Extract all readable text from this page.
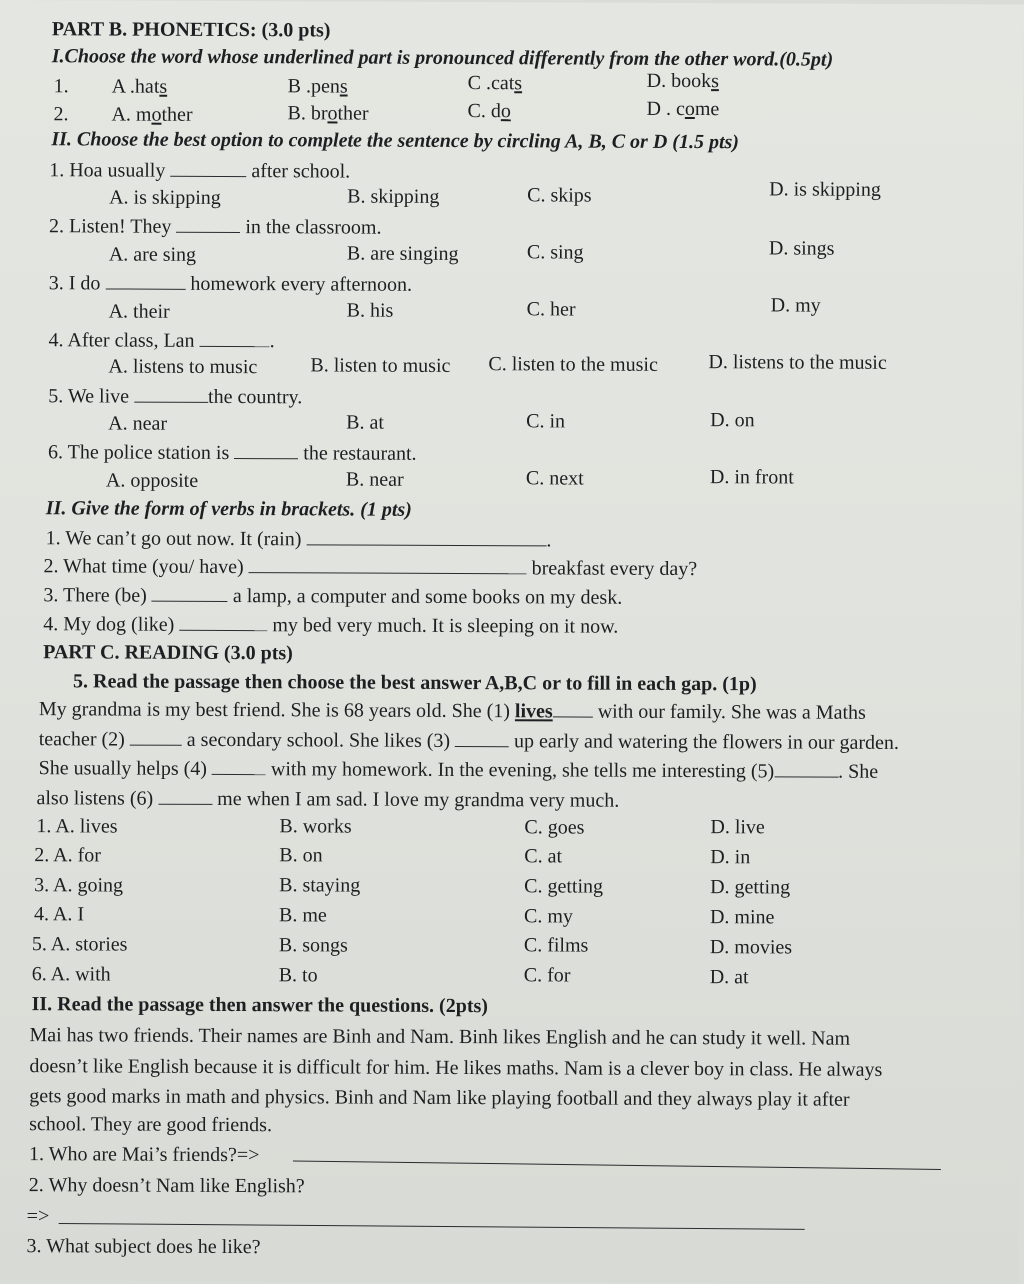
PART B. PHONETICS: (3.0 pts)
I.Choose the word whose underlined part is pronounced differently from the other word.(0.5pt)
1. A .hats	B .pens	C .cats	D. books
2. A. mother	B. brother	C. do	D . come
II. Choose the best option to complete the sentence by circling A, B, C or D (1.5 pts)
1. Hoa usually	after school.
A. is skipping	B. skipping	C. skips	D. is skipping
2. Listen! They	in the classroom.
A. are sing	B. are singing	C. sing	D. sings
3. I do	homework every afternoon.
A. their	B. his	C. her	D. my
4. After class, Lan	.
A. listens to music	B. listen to music C. listen to the music	D. listens to the music
5. We live	the country.
A. near	B. at	C. in	D. on
6. The police station is	the restaurant.
A. opposite	B. near	C. next	D. in front
II. Give the form of verbs in brackets. (1 pts)
1. We can’t go out now. It (rain)	.
2. What time (you/ have)	breakfast every day?
3. There (be)	a lamp, a computer and some books on my desk.
4. My dog (like)	my bed very much. It is sleeping on it now.
PART C. READING (3.0 pts)
5. Read the passage then choose the best answer A,B,C or to fill in each gap. (1p)
My grandma is my best friend. She is 68 years old. She (1) lives with our family. She was a Maths
teacher (2)	a secondary school. She likes (3)	up early and watering the flowers in our garden.
She usually helps (4)	with my homework. In the evening, she tells me interesting (5)	. She
also listens (6)	me when I am sad. I love my grandma very much.
1. A. lives	B. works	C. goes	D. live
2. A. for	B. on	C. at	D. in
3. A. going	B. staying	C. getting	D. getting
4. A. I	B. me	C. my	D. mine
5. A. stories	B. songs	C. films	D. movies
6. A. with	B. to	C. for	D. at
II. Read the passage then answer the questions. (2pts)
Mai has two friends. Their names are Binh and Nam. Binh likes English and he can study it well. Nam
doesn’t like English because it is difficult for him. He likes maths. Nam is a clever boy in class. He always
gets good marks in math and physics. Binh and Nam like playing football and they always play it after
school. They are good friends.
1. Who are Mai’s friends?=>
2. Why doesn’t Nam like English?
=>
3. What subject does he like?
